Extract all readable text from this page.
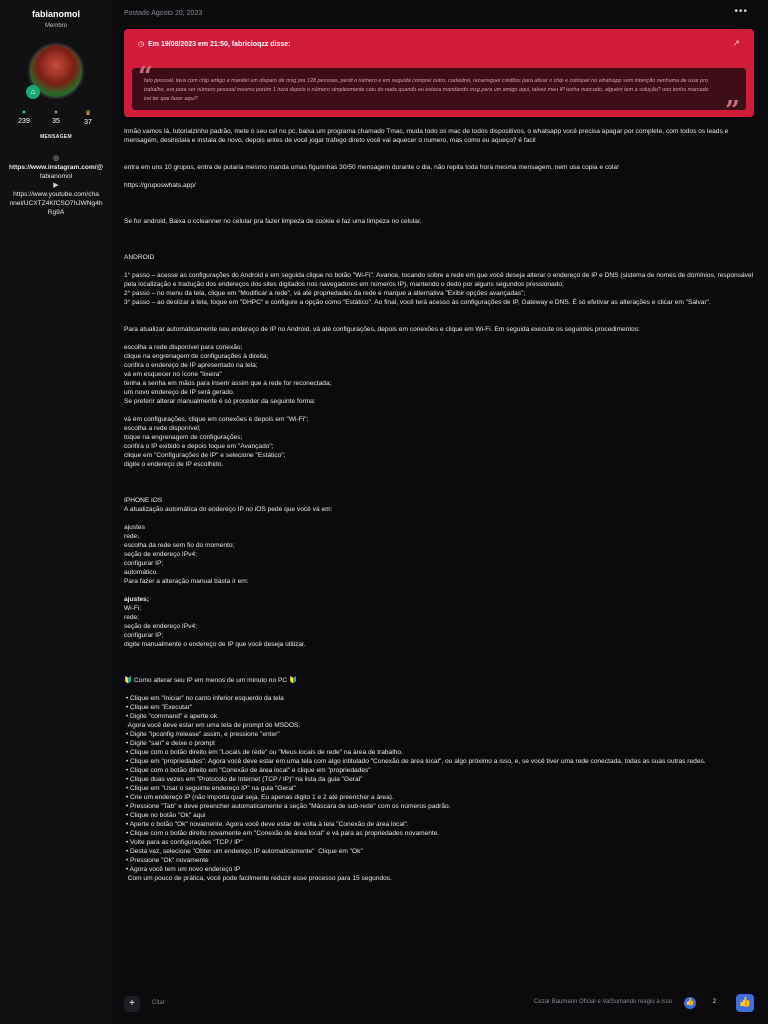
fabianomol
Membro
⌂
●
239
●
35
♛
37
MENSAGEM
◎
https://www.instagram.com/@
fabianomol
▶
https://www.youtube.com/cha
nnel/UCXTZ4KfCSO7hJWNg4h
Rg9A
Postado Agosto 20, 2023	•••
◷ Em 19/08/2023 em 21:50, fabricioqzz disse:	↗
“
falo pessoal, tava com chip antigo e mandei um disparo de msg pra 128 pessoas, perdi o número e em seguida comprei outro, cadastrei, recarreguei créditos para ativar o chip e coloquei no whatsapp sem intenção nenhuma de usar pro trabalho, era para ser número pessoal mesmo porém 1 hora depois o número simplesmente caiu do nada quando eu estava mandando msg para um amigo aqui, talvez meu IP tenha marcado, alguém tem a solução? ooo tenho marcado irei ter que fazer aqui?	”

Irmão vamos lá, tutorialzinho padrão, mete o seu cel no pc, baixa um programa chamado Tmac, muda todo os mac de todos dispositivos, o whatsapp você precisa apagar por complete, com todos os leads e mensagem, desinstala e instala de novo, depois antes de você jogar trafego direto você vai aquecer o numero, mas como eu aqueço? é facil

entra em uns 10 grupos, entra de putaria mesmo manda umas figurinhas 30/50 mensagem durante o dia, não repita toda hora mesma mensagem, nem usa copia e cola!

https://gruposwhats.app/

Se for android, Baixa o ccleanner no celular pra fazer limpeza de cookie e faz uma limpeza no celular.

ANDROID

1° passo – acesse as configurações do Android e em seguida clique no botão "Wi-Fi". Avance, tocando sobre a rede em que você deseja alterar o endereço de IP e DNS (sistema de nomes de domínios, responsável pela localização e tradução dos endereços dos sites digitados nos navegadores em números IP), mantendo o dedo por alguns segundos pressionado;

2° passo – no menu da tela, clique em "Modificar a rede", vá até propriedades da rede e marque a alternativa "Exibir opções avançadas";

3° passo – ao deslizar a tela, toque em "DHPC" e configure a opção como "Estático". Ao final, você terá acesso às configurações de IP, Gateway e DNS. É só efetivar as alterações e clicar em "Salvar".

Para atualizar automaticamente seu endereço de IP no Android, vá até configurações, depois em conexões e clique em Wi-Fi. Em seguida execute os seguintes procedimentos:

escolha a rede disponível para conexão;

clique na engrenagem de configurações à direita;

confira o endereço de IP apresentado na tela;

vá em esquecer no ícone "lixeira"

tenha a senha em mãos para inserir assim que a rede for reconectada;

um novo endereço de IP será gerado.

Se preferir alterar manualmente é só proceder da seguinte forma:

vá em configurações, clique em conexões e depois em "Wi-Fi";

escolha a rede disponível;

toque na engrenagem de configurações;

confira o IP exibido e depois toque em "Avançado";

clique em "Configurações de IP" e selecione "Estático";

digite o endereço de IP escolhido.

IPHONE iOS

A atualização automática do endereço IP no iOS pede que você vá em:

ajustes

rede;

escolha da rede sem fio do momento;

seção de endereço IPv4;

configurar IP;

automático.

Para fazer a alteração manual basta ir em:

ajustes;

Wi-Fi;

rede;

seção de endereço IPv4;

configurar IP;

digite manualmente o endereço de IP que você deseja utilizar.

🔰 Como alterar seu IP em menos de um minuto no PC 🔰

• Clique em "Iniciar" no canto inferior esquerdo da tela

• Clique em "Executar"

• Digite "command" e aperte ok

Agora você deve estar em uma tela de prompt do MSDOS.

• Digite "ipconfig /release" assim, e pressione "enter"

• Digite "sair" e deixe o prompt

• Clique com o botão direito em "Locais de rede" ou "Meus locais de rede" na área de trabalho.

• Clique em "propriedades". Agora você deve estar em uma tela com algo intitulado "Conexão de área local", ou algo próximo a isso, e, se você tiver uma rede conectada, todas as suas outras redes.

• Clique com o botão direito em "Conexão de área local" e clique em "propriedades"

• Clique duas vezes em "Protocolo de Internet (TCP / IP)" na lista da guia "Geral"

• Clique em "Usar o seguinte endereço IP" na guia "Geral"

• Crie um endereço IP (não importa qual seja. Eu apenas digito 1 e 2 até preencher a área).

• Pressione "Tab" e deve preencher automaticamente a seção "Máscara de sub-rede" com os números padrão.

• Clique no botão "Ok" aqui

• Aperte o botão "Ok" novamente. Agora você deve estar de volta à tela "Conexão de área local".

• Clique com o botão direito novamente em "Conexão de área local" e vá para as propriedades novamente.

• Volte para as configurações "TCP / IP"

• Desta vez, selecione "Obter um endereço IP automaticamente"  Clique em "Ok"

• Pressione "Ok" novamente

• Agora você tem um novo endereço IP

Com um pouco de prática, você pode facilmente reduzir esse processo para 15 segundos.

+	Citar	Cezar Baumann Oficial e ValSomando reagiu a isso 👍	2 👍
